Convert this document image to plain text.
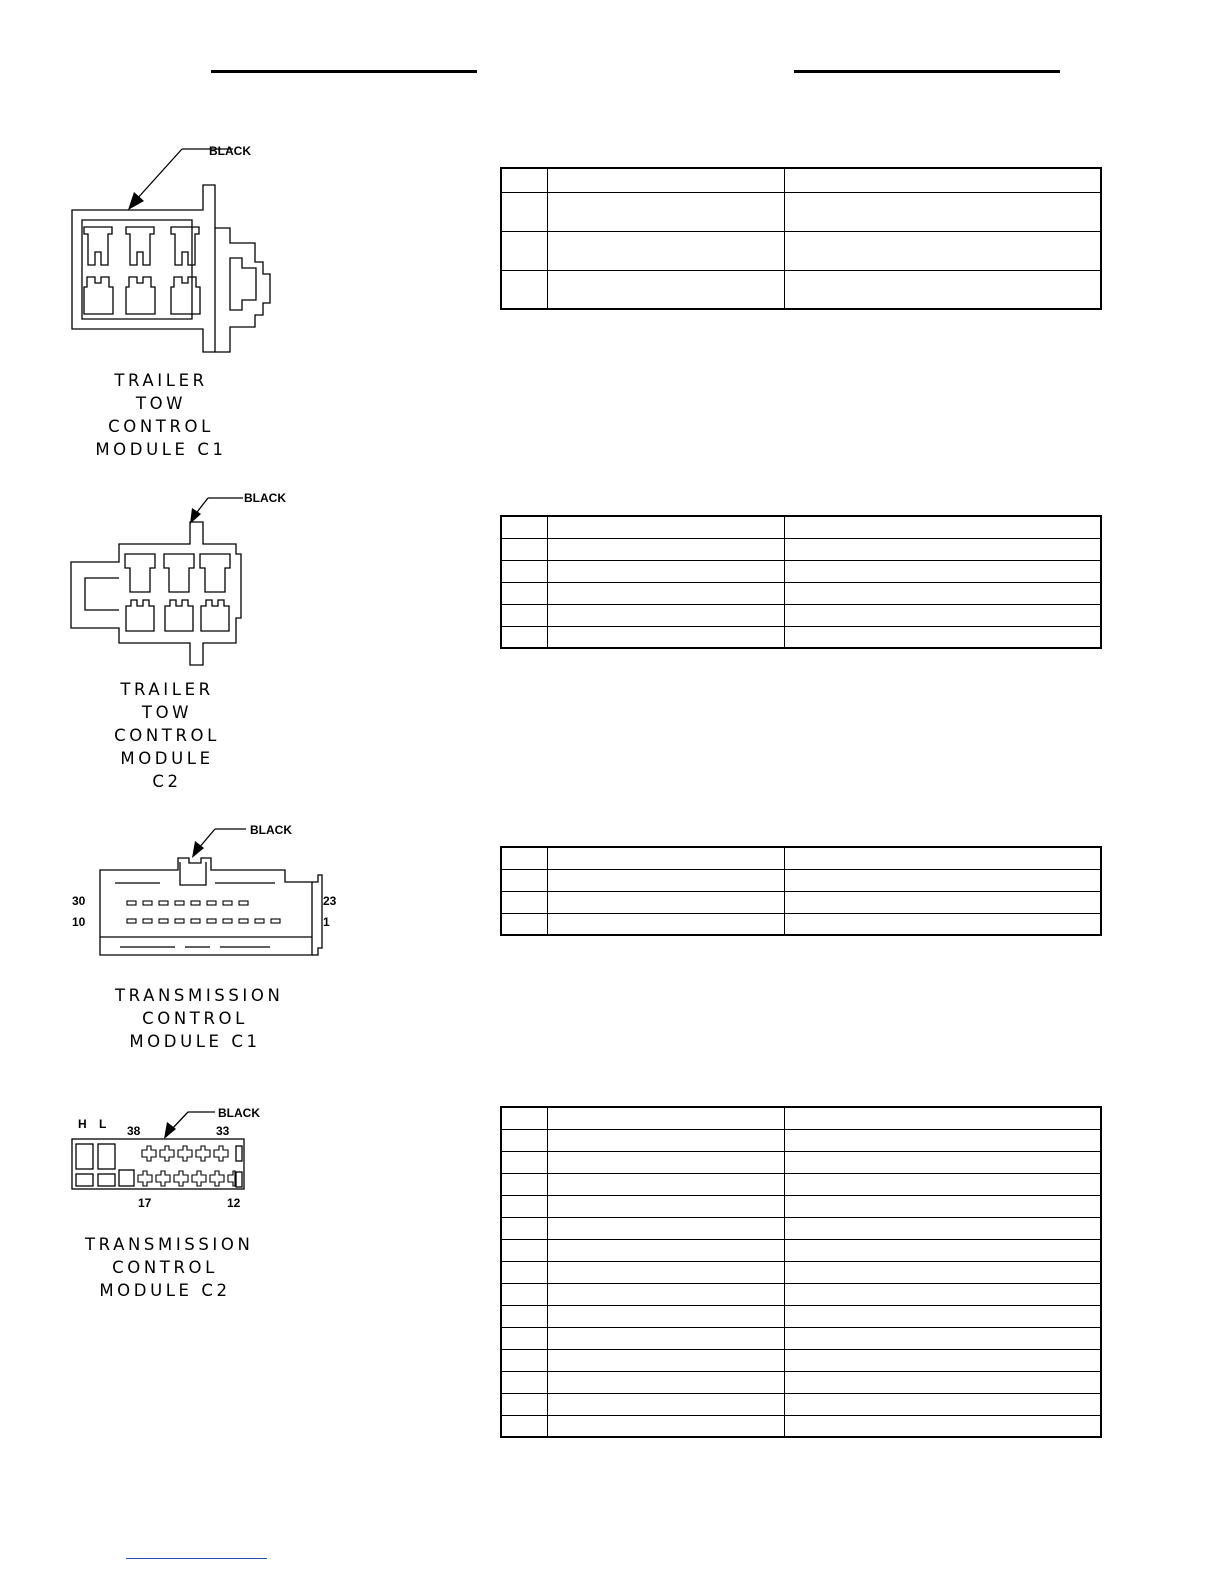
BLACK
TRAILER TOW
CONTROL
MODULE C1

BLACK
TRAILER TOW
CONTROL
MODULE
C2

BLACK
30
10
23
1
TRANSMISSION
CONTROL
MODULE C1

BLACK
H L 38	33
17	12
TRANSMISSION
CONTROL
MODULE C2
